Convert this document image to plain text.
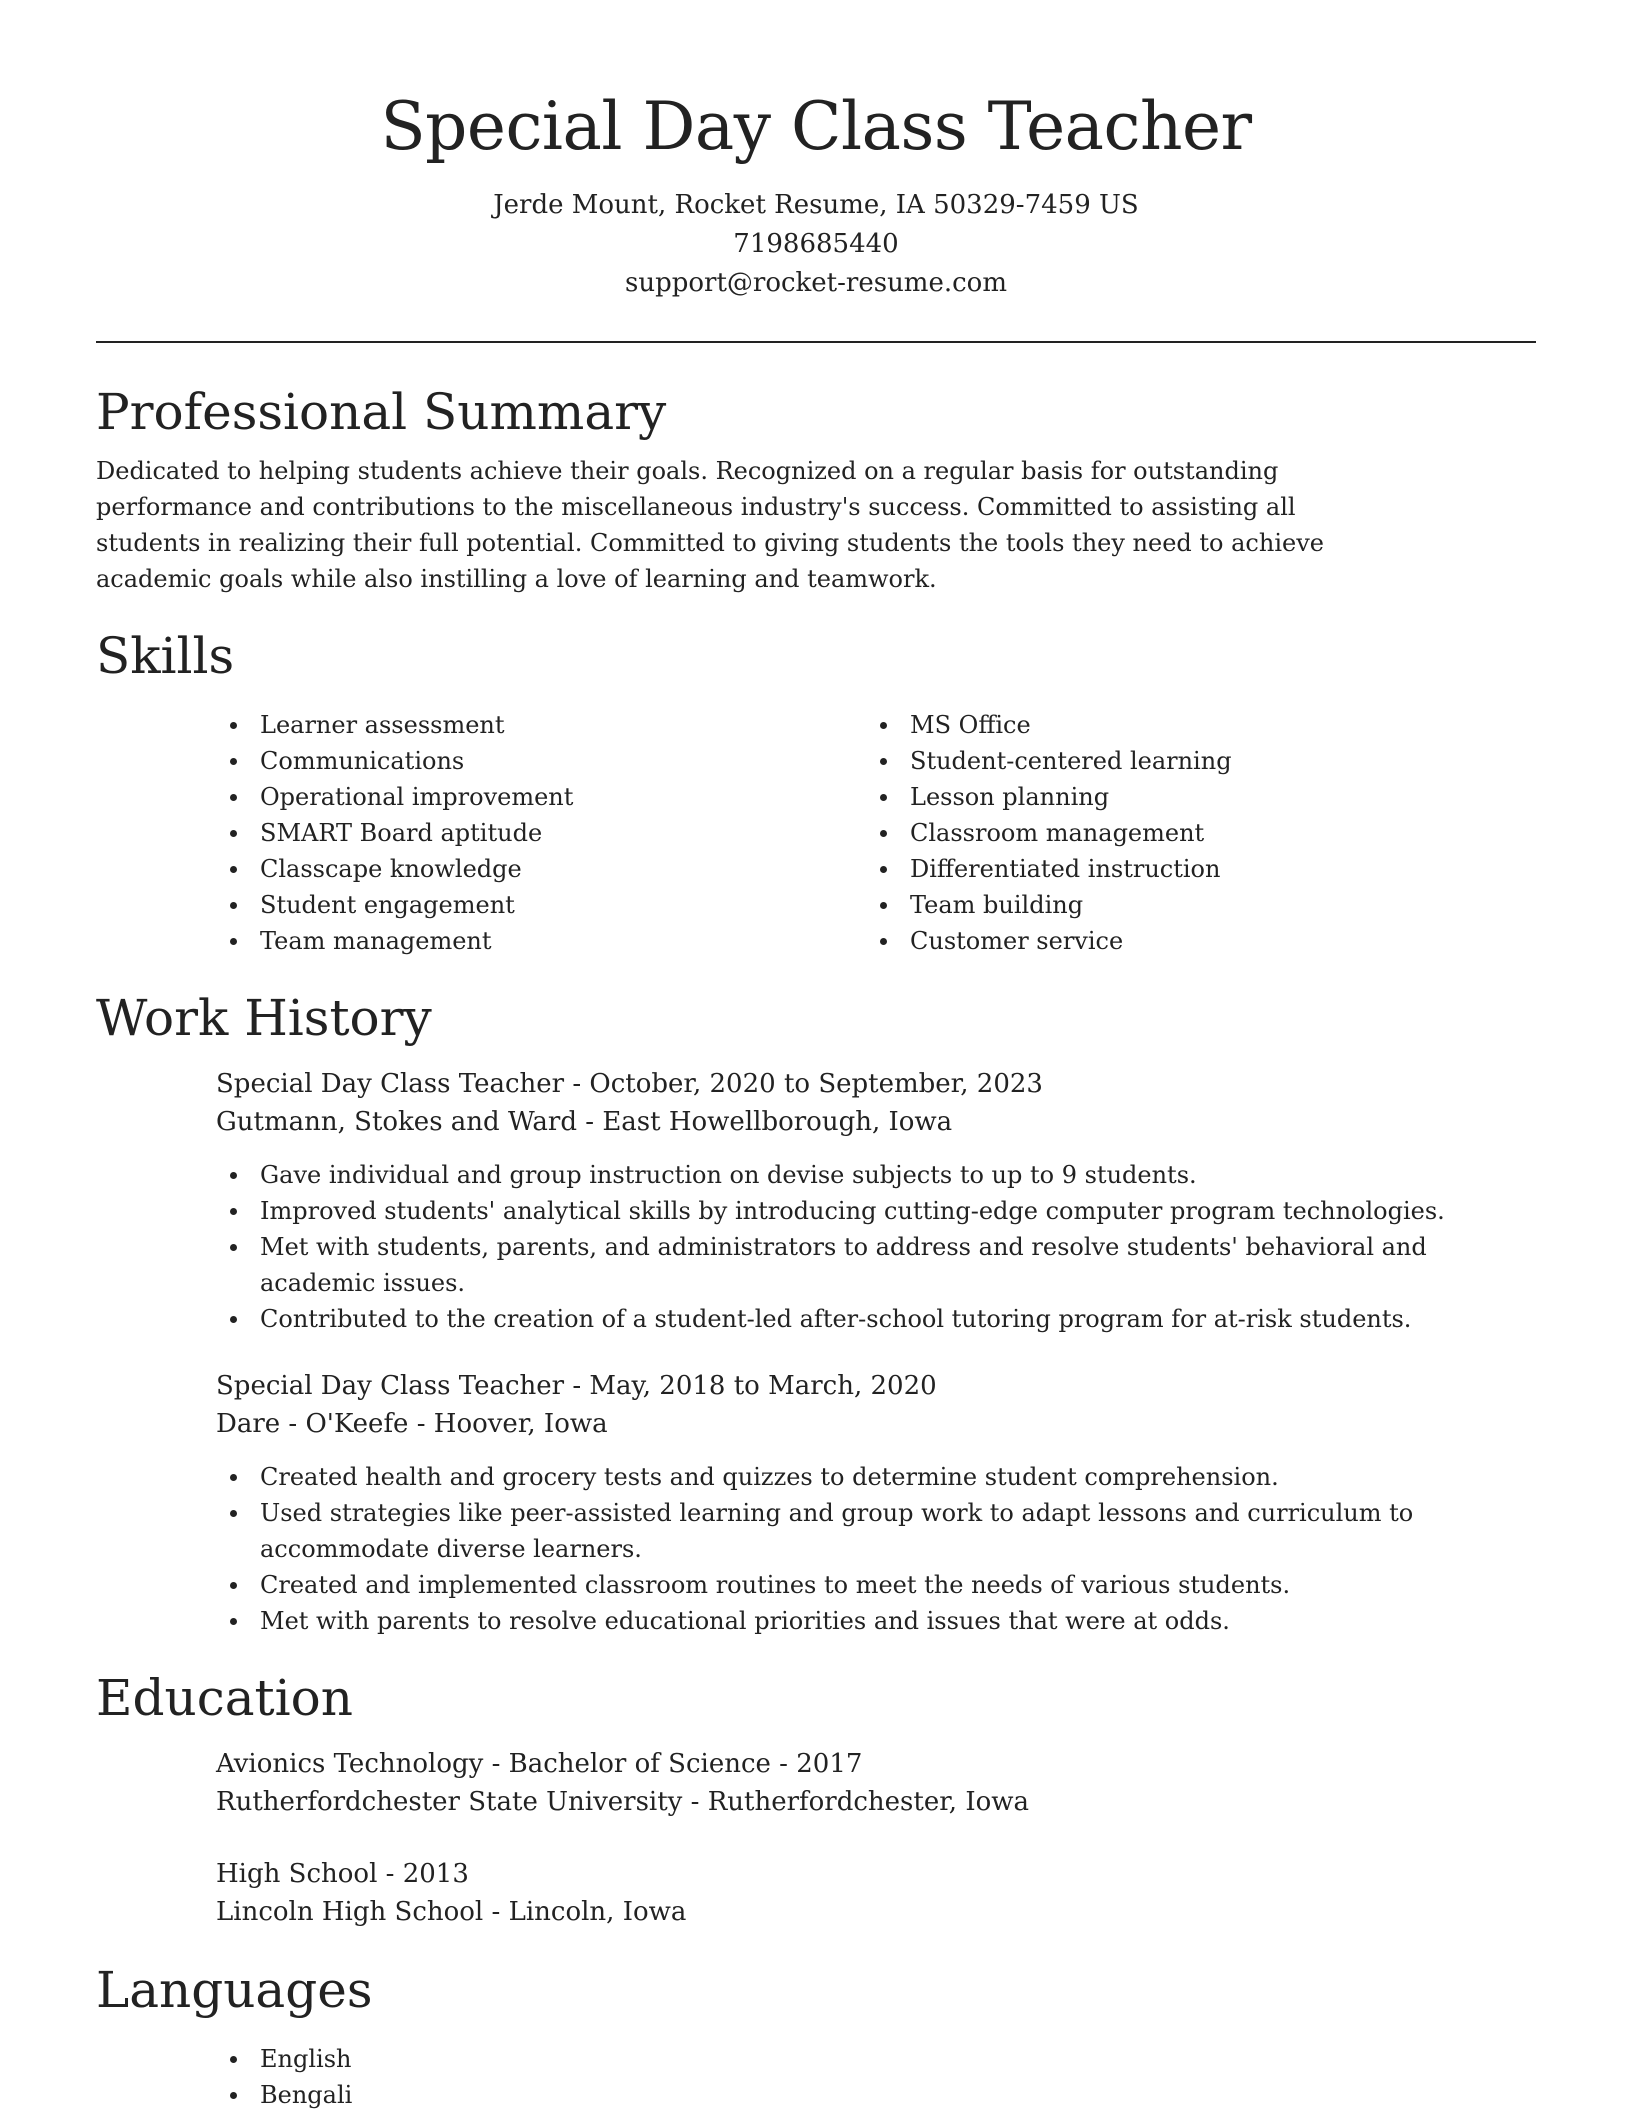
Special Day Class Teacher

Jerde Mount, Rocket Resume, IA 50329-7459 US

7198685440

support@rocket-resume.com

Professional Summary

Dedicated to helping students achieve their goals. Recognized on a regular basis for outstanding performance and contributions to the miscellaneous industry's success. Committed to assisting all students in realizing their full potential. Committed to giving students the tools they need to achieve academic goals while also instilling a love of learning and teamwork.

Skills
Learner assessment
Communications
Operational improvement
SMART Board aptitude
Classcape knowledge
Student engagement
Team management
MS Office
Student-centered learning
Lesson planning
Classroom management
Differentiated instruction
Team building
Customer service
Work History

Special Day Class Teacher - October, 2020 to September, 2023

Gutmann, Stokes and Ward - East Howellborough, Iowa

Gave individual and group instruction on devise subjects to up to 9 students.
Improved students' analytical skills by introducing cutting-edge computer program technologies.
Met with students, parents, and administrators to address and resolve students' behavioral and academic issues.
Contributed to the creation of a student-led after-school tutoring program for at-risk students.

Special Day Class Teacher - May, 2018 to March, 2020

Dare - O'Keefe - Hoover, Iowa

Created health and grocery tests and quizzes to determine student comprehension.
Used strategies like peer-assisted learning and group work to adapt lessons and curriculum to accommodate diverse learners.
Created and implemented classroom routines to meet the needs of various students.
Met with parents to resolve educational priorities and issues that were at odds.
Education

Avionics Technology - Bachelor of Science - 2017

Rutherfordchester State University - Rutherfordchester, Iowa

High School - 2013

Lincoln High School - Lincoln, Iowa

Languages
English
Bengali
